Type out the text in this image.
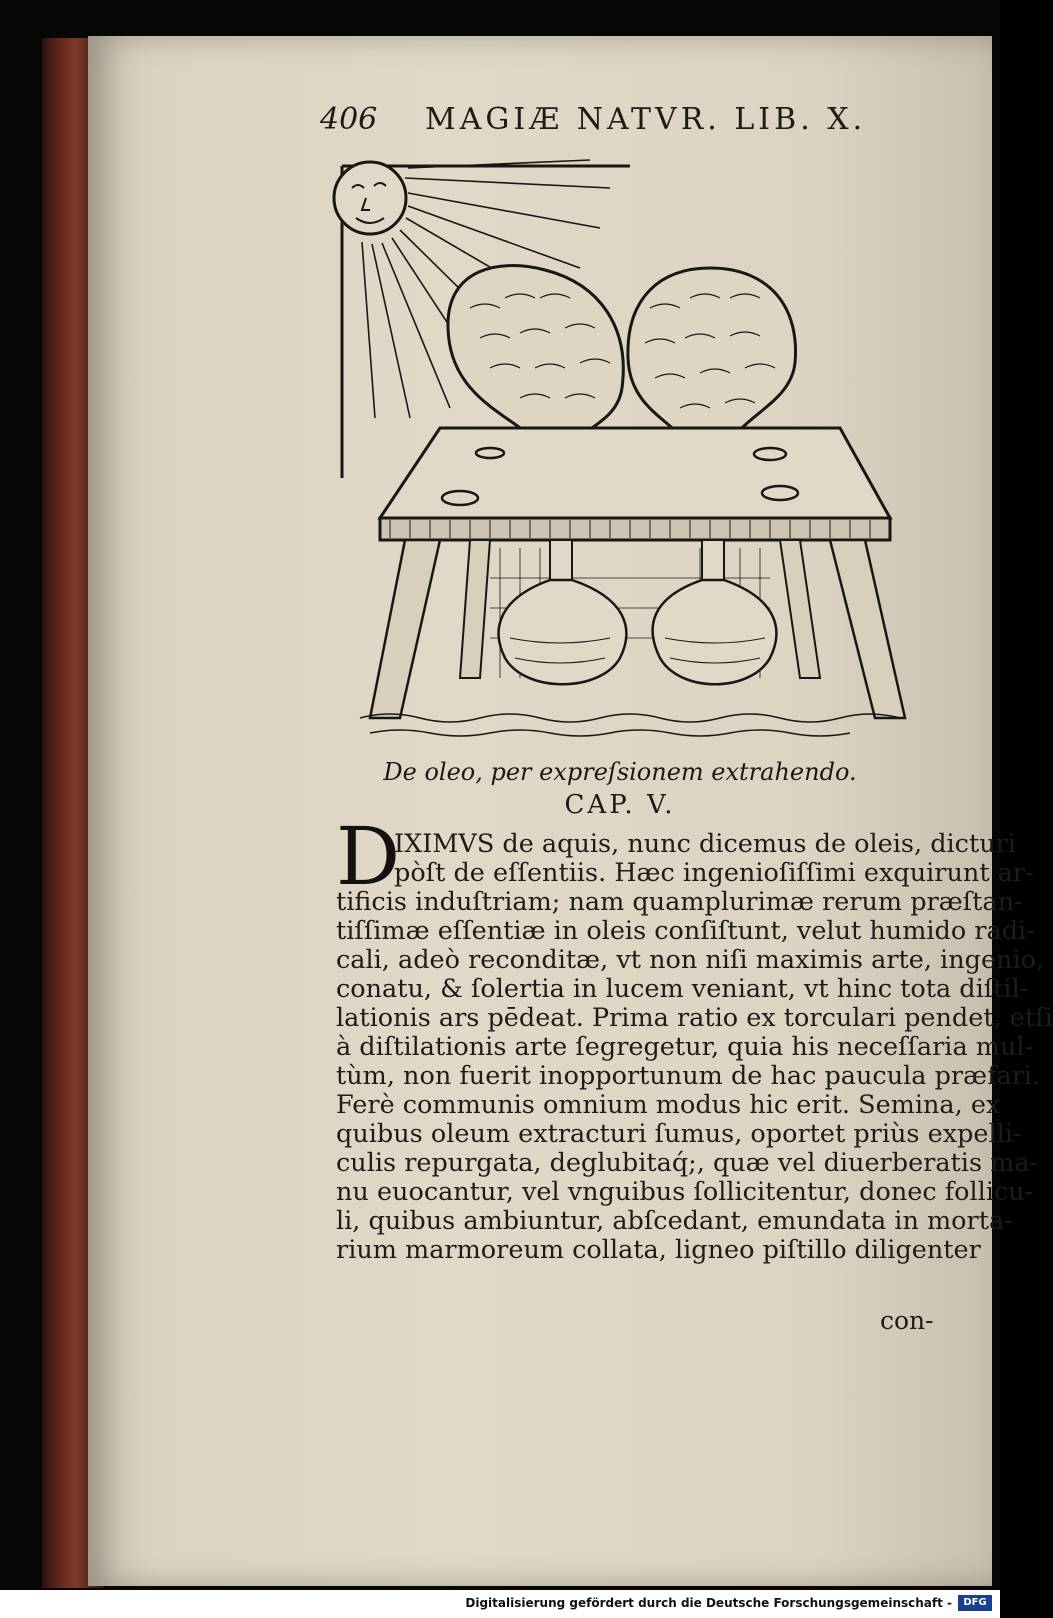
406 MAGIÆ NATVR. LIB. X.
De oleo, per expreſsionem extrahendo.
CAP. V.
D
IXIMVS de aquis, nunc dicemus de oleis, dicturi
pòſt de eſſentiis. Hæc ingenioſiſſimi exquirunt ar-
tificis induſtriam; nam quamplurimæ rerum præſtan-
tiſſimæ eſſentiæ in oleis conſiſtunt, velut humido radi-
cali, adeò reconditæ, vt non niſi maximis arte, ingenio,
conatu, & ſolertia in lucem veniant, vt hinc tota diſtil-
lationis ars pēdeat. Prima ratio ex torculari pendet, etſi
à diſtilationis arte ſegregetur, quia his neceſſaria mul-
tùm, non fuerit inopportunum de hac paucula præfari.
Ferè communis omnium modus hic erit. Semina, ex
quibus oleum extracturi ſumus, oportet priùs expelli-
culis repurgata, deglubitaq́;, quæ vel diuerberatis ma-
nu euocantur, vel vnguibus ſollicitentur, donec follicu-
li, quibus ambiuntur, abſcedant, emundata in morta-
rium marmoreum collata, ligneo piſtillo diligenter
con-
Digitalisierung gefördert durch die Deutsche Forschungsgemeinschaft -	DFG
